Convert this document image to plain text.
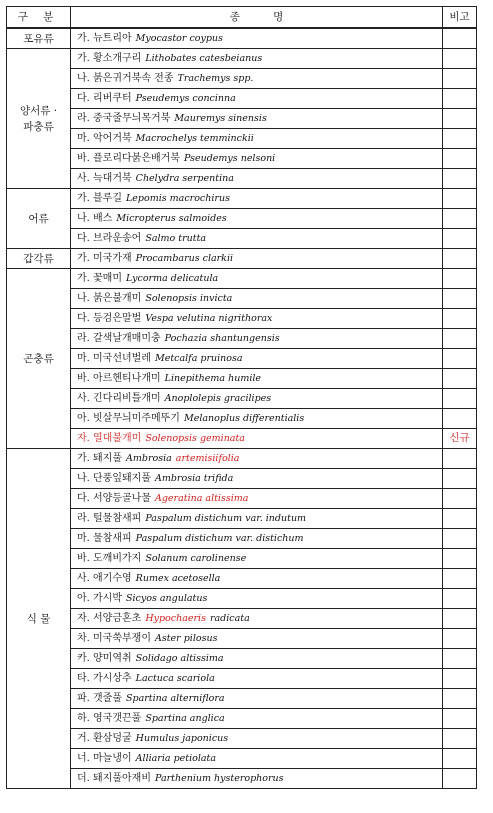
구 분	종 명	비고
포유류	가. 뉴트리아 Myocastor coypus	
양서류 ·
파충류	가. 황소개구리 Lithobates catesbeianus	
	나. 붉은귀거북속 전종 Trachemys spp.	
	다. 리버쿠터 Pseudemys concinna	
	라. 중국줄무늬목거북 Mauremys sinensis	
	마. 악어거북 Macrochelys temminckii	
	바. 플로리다붉은배거북 Pseudemys nelsoni	
	사. 늑대거북 Chelydra serpentina	
어류	가. 블루길 Lepomis macrochirus	
	나. 배스 Micropterus salmoides	
	다. 브라운송어 Salmo trutta	
갑각류	가. 미국가재 Procambarus clarkii	
곤충류	가. 꽃매미 Lycorma delicatula	
	나. 붉은불개미 Solenopsis invicta	
	다. 등검은말벌 Vespa velutina nigrithorax	
	라. 갈색날개매미충 Pochazia shantungensis	
	마. 미국선녀벌레 Metcalfa pruinosa	
	바. 아르헨티나개미 Linepithema humile	
	사. 긴다리비틀개미 Anoplolepis gracilipes	
	아. 빗살무늬미주메뚜기 Melanoplus differentialis	
	자. 열대불개미 Solenopsis geminata	신규
식 물	가. 돼지풀 Ambrosia artemisiifolia	
	나. 단풍잎돼지풀 Ambrosia trifida	
	다. 서양등골나물 Ageratina altissima	
	라. 털물참새피 Paspalum distichum var. indutum	
	마. 물참새피 Paspalum distichum var. distichum	
	바. 도깨비가지 Solanum carolinense	
	사. 애기수영 Rumex acetosella	
	아. 가시박 Sicyos angulatus	
	자. 서양금혼초 Hypochaeris radicata	
	차. 미국쑥부쟁이 Aster pilosus	
	카. 양미역취 Solidago altissima	
	타. 가시상추 Lactuca scariola	
	파. 갯줄풀 Spartina alterniflora	
	하. 영국갯끈풀 Spartina anglica	
	거. 환삼덩굴 Humulus japonicus	
	너. 마늘냉이 Alliaria petiolata	
	더. 돼지풀아재비 Parthenium hysterophorus	
